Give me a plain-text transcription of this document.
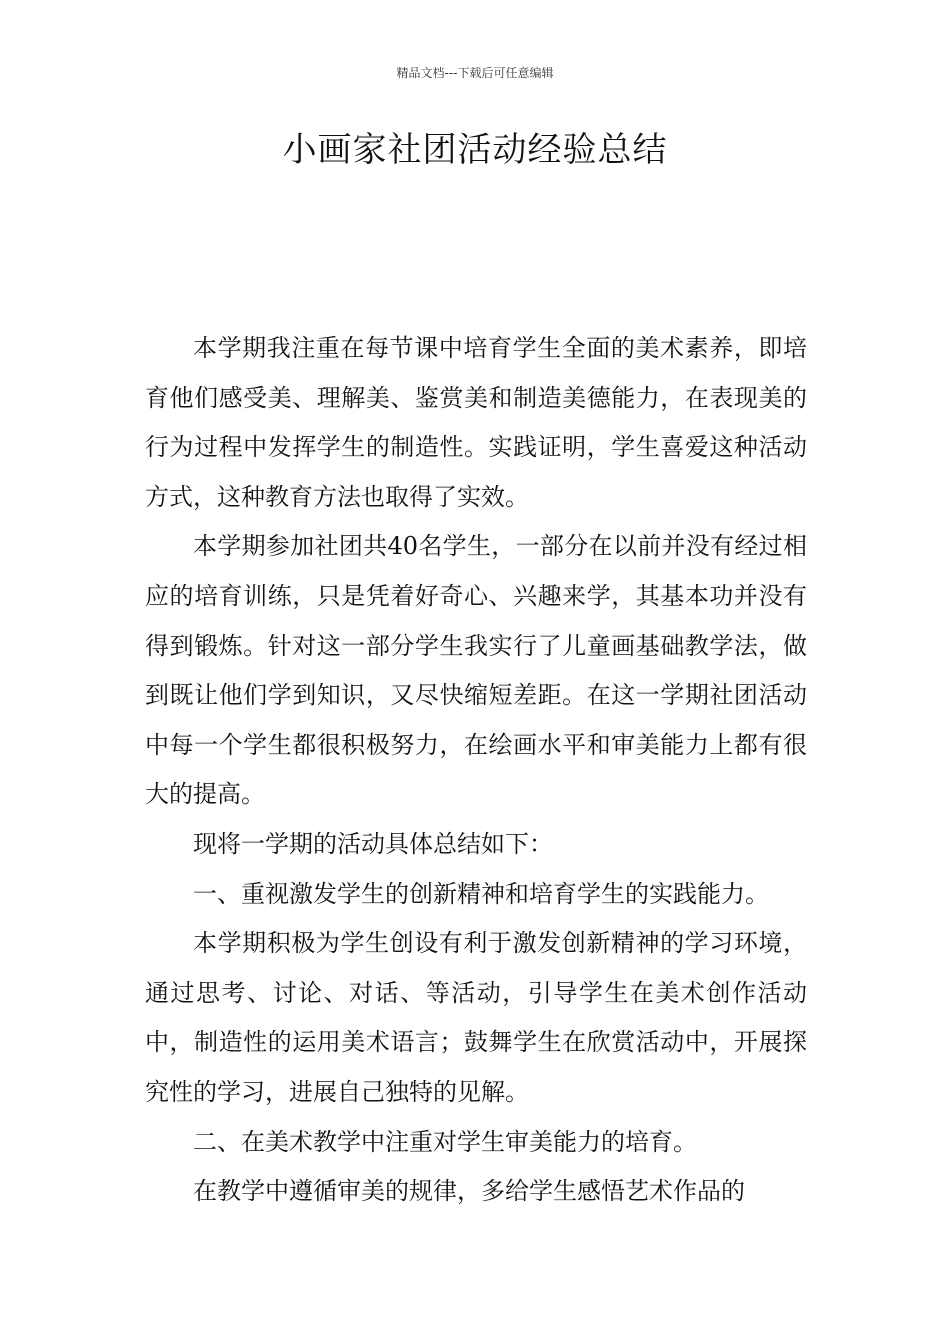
精品文档---下载后可任意编辑
小画家社团活动经验总结

本学期我注重在每节课中培育学生全面的美术素养，即培育他们感受美、理解美、鉴赏美和制造美德能力，在表现美的行为过程中发挥学生的制造性。实践证明，学生喜爱这种活动方式，这种教育方法也取得了实效。

本学期参加社团共40名学生，一部分在以前并没有经过相应的培育训练，只是凭着好奇心、兴趣来学，其基本功并没有得到锻炼。针对这一部分学生我实行了儿童画基础教学法，做到既让他们学到知识，又尽快缩短差距。在这一学期社团活动中每一个学生都很积极努力，在绘画水平和审美能力上都有很大的提高。

现将一学期的活动具体总结如下：

一、重视激发学生的创新精神和培育学生的实践能力。

本学期积极为学生创设有利于激发创新精神的学习环境，通过思考、讨论、对话、等活动，引导学生在美术创作活动中，制造性的运用美术语言；鼓舞学生在欣赏活动中，开展探究性的学习，进展自己独特的见解。

二、在美术教学中注重对学生审美能力的培育。

在教学中遵循审美的规律，多给学生感悟艺术作品的
